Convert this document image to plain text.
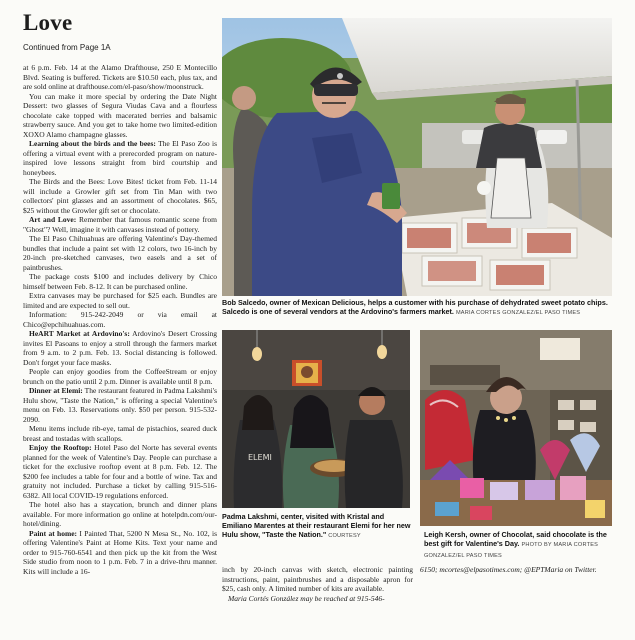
Love
Continued from Page 1A

at 6 p.m. Feb. 14 at the Alamo Drafthouse, 250 E Montecillo Blvd. Seating is buffered. Tickets are $10.50 each, plus tax, and are sold online at drafthouse.com/el-paso/show/moonstruck.

You can make it more special by ordering the Date Night Dessert: two glasses of Segura Viudas Cava and a flourless chocolate cake topped with macerated berries and balsamic strawberry sauce. And you get to take home two limited-edition XOXO Alamo champagne glasses.

Learning about the birds and the bees: The El Paso Zoo is offering a virtual event with a prerecorded program on nature-inspired love lessons straight from bird courtship and honeybees.

The Birds and the Bees: Love Bites! ticket from Feb. 11-14 will include a Growler gift set from Tin Man with two collectors' pint glasses and an assortment of chocolates. $65, $25 without the Growler gift set or chocolate.

Art and Love: Remember that famous romantic scene from "Ghost"? Well, imagine it with canvases instead of pottery.

The El Paso Chihuahuas are offering Valentine's Day-themed bundles that include a paint set with 12 colors, two 16-inch by 20-inch pre-sketched canvases, two easels and a set of paintbrushes.

The package costs $100 and includes delivery by Chico himself between Feb. 8-12. It can be purchased online.

Extra canvases may be purchased for $25 each. Bundles are limited and are expected to sell out.

Information: 915-242-2049 or via email at Chico@epchihuahuas.com.

HeART Market at Ardovino's: Ardovino's Desert Crossing invites El Pasoans to enjoy a stroll through the farmers market from 9 a.m. to 2 p.m. Feb. 13. Social distancing is followed. Don't forget your face masks.

People can enjoy goodies from the CoffeeStream or enjoy brunch on the patio until 2 p.m. Dinner is available until 8 p.m.

Dinner at Elemi: The restaurant featured in Padma Lakshmi's Hulu show, "Taste the Nation," is offering a special Valentine's menu on Feb. 13. Reservations only. $50 per person. 915-532-2090.

Menu items include rib-eye, tamal de pistachios, seared duck breast and tostadas with scallops.

Enjoy the Rooftop: Hotel Paso del Norte has several events planned for the week of Valentine's Day. People can purchase a ticket for the exclusive rooftop event at 8 p.m. Feb. 12. The $200 fee includes a table for four and a bottle of wine. Tax and gratuity not included. Purchase a ticket by calling 915-516-6382. All local COVID-19 regulations enforced.

The hotel also has a staycation, brunch and dinner plans available. For more information go online at hotelpdn.com/our-hotel/dining.

Paint at home: I Painted That, 5200 N Mesa St., No. 102, is offering Valentine's Paint at Home Kits. Text your name and order to 915-760-6541 and then pick up the kit from the West Side studio from noon to 1 p.m. Feb. 7 in a drive-thru manner. Kits will include a 16-

Bob Salcedo, owner of Mexican Delicious, helps a customer with his purchase of dehydrated sweet potato chips. Salcedo is one of several vendors at the Ardovino's farmers market. MARIA CORTES GONZALEZ/EL PASO TIMES
ELEMI
Padma Lakshmi, center, visited with Kristal and Emiliano Marentes at their restaurant Elemi for her new Hulu show, "Taste the Nation." COURTESY	Leigh Kersh, owner of Chocolat, said chocolate is the best gift for Valentine's Day. PHOTO BY MARIA CORTES GONZALEZ/EL PASO TIMES

inch by 20-inch canvas with sketch, electronic painting instructions, paint, paintbrushes and a disposable apron for $25, cash only. A limited number of kits are available.

Maria Cortés González may be reached at 915-546-

6150; mcortes@elpasotimes.com; @EPTMaria on Twitter.
